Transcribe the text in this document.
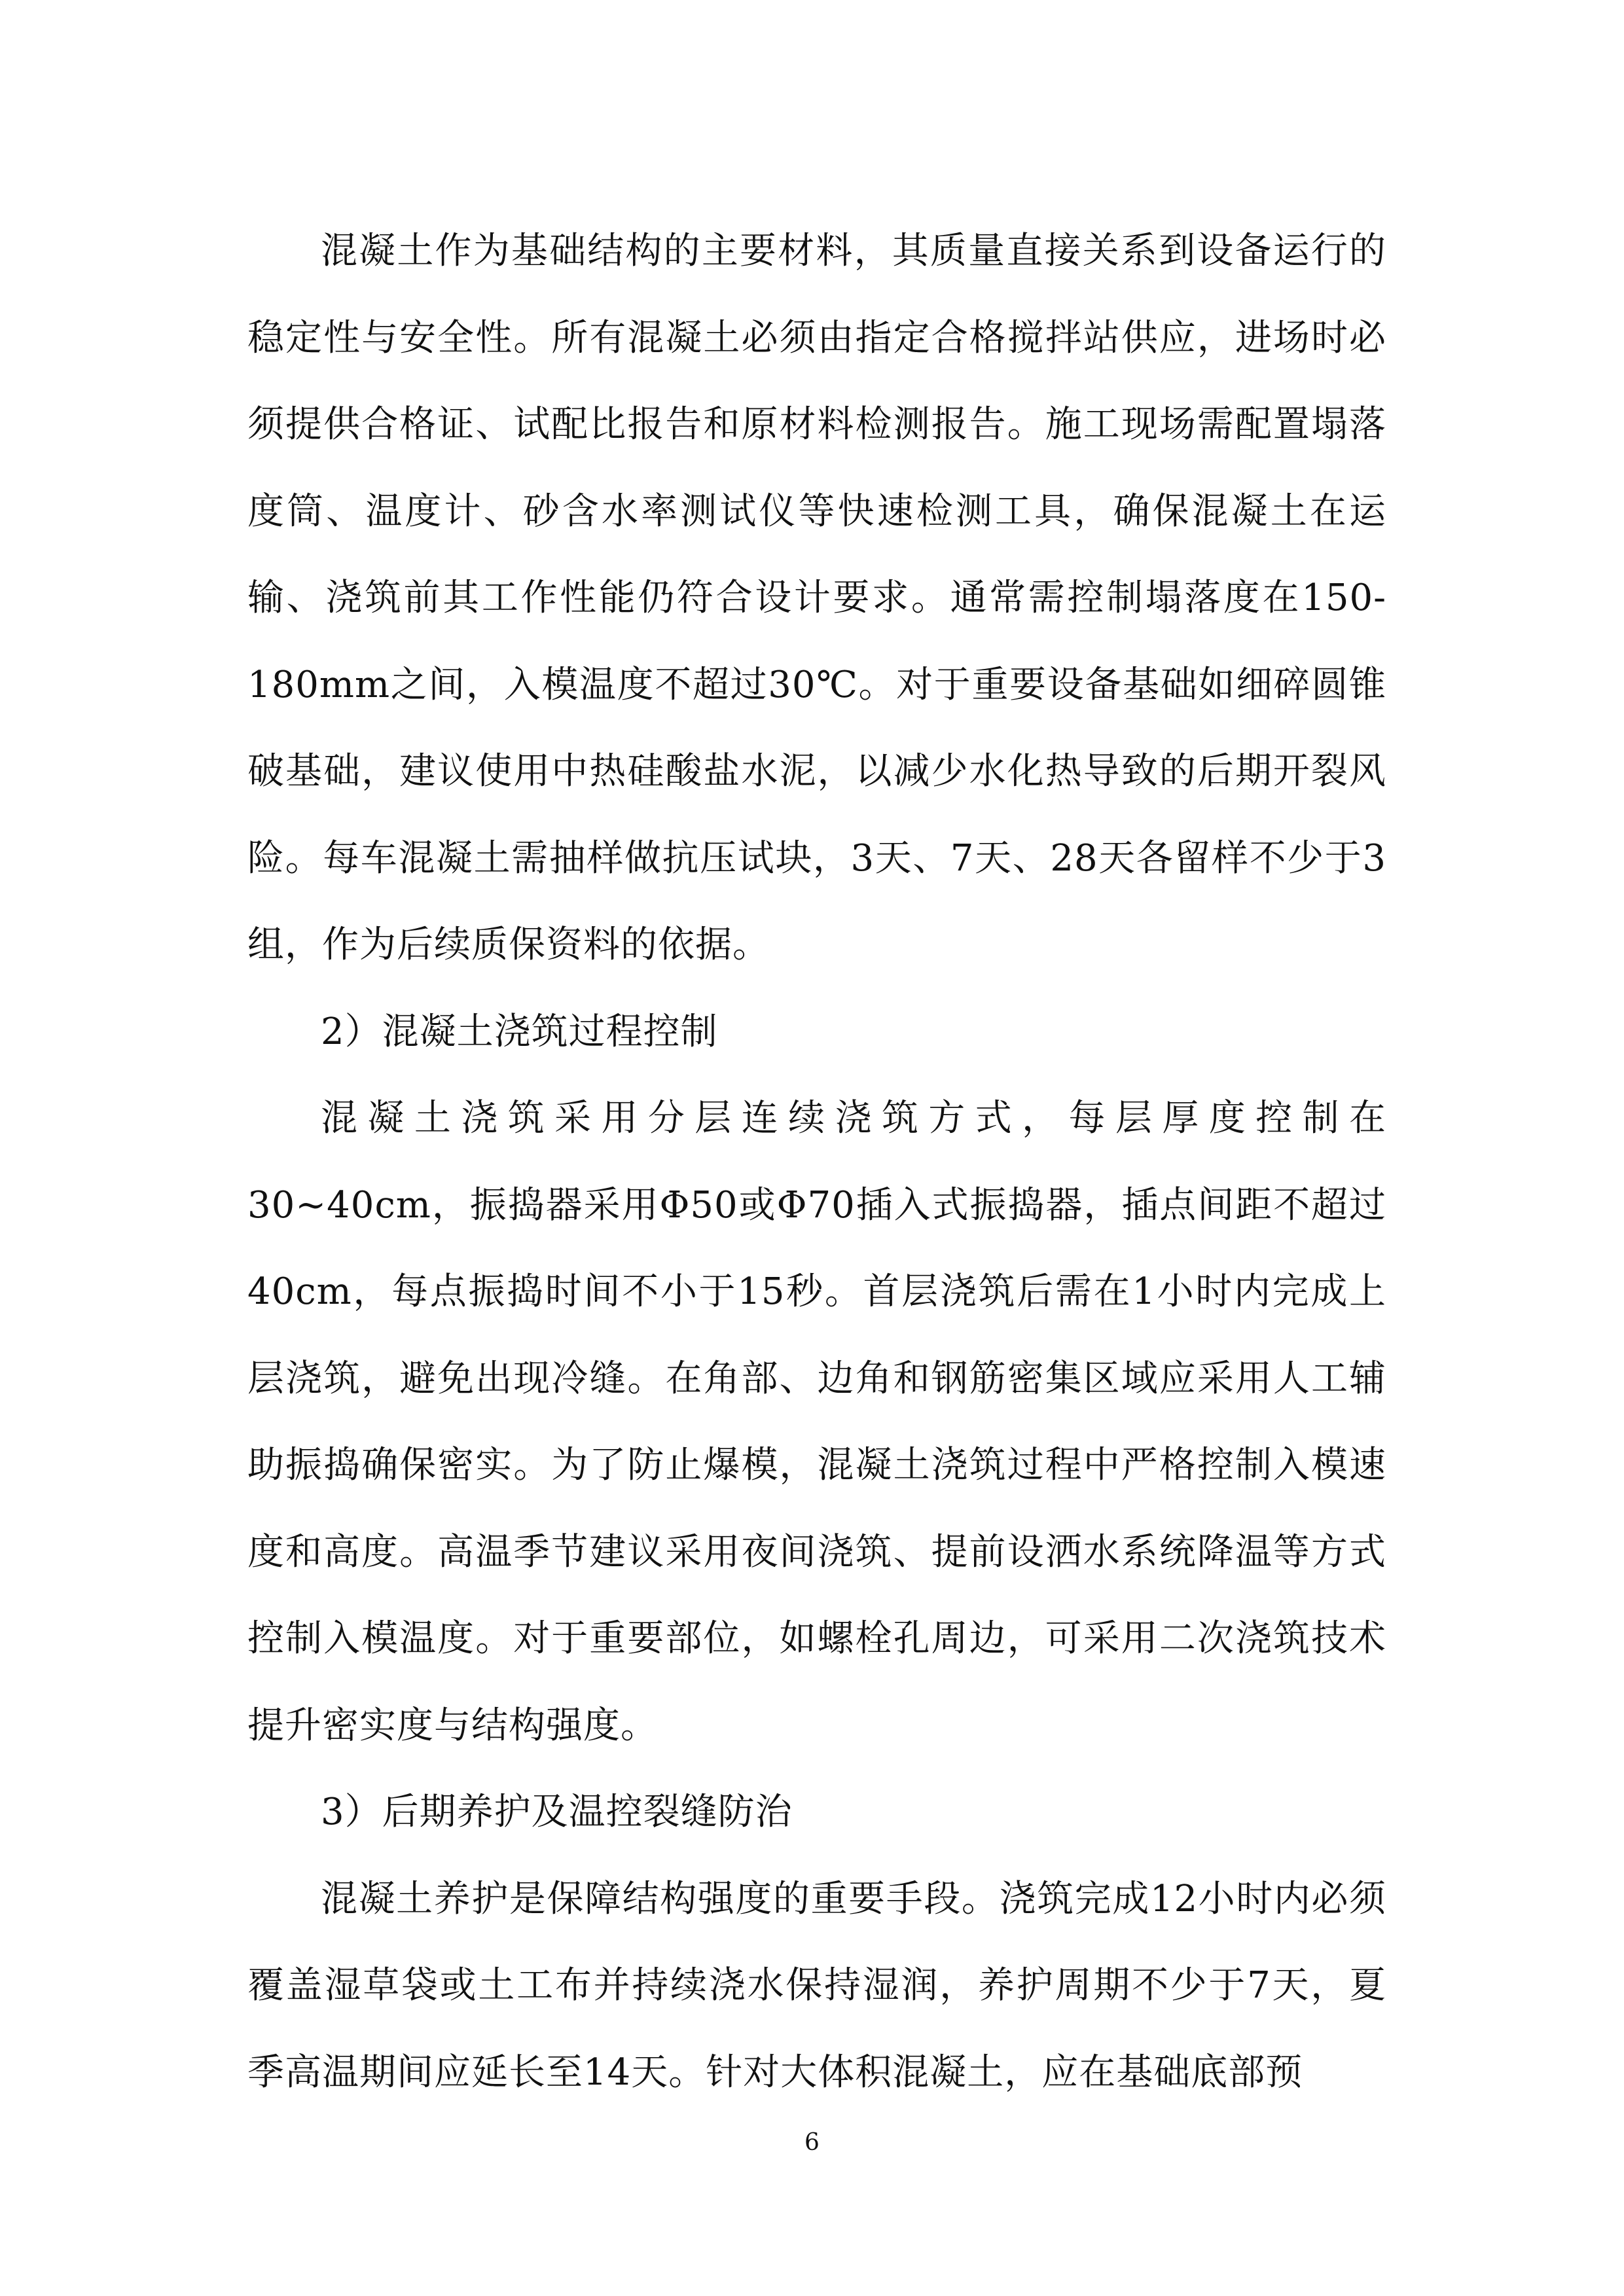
混凝土作为基础结构的主要材料，其质量直接关系到设备运行的稳定性与安全性。所有混凝土必须由指定合格搅拌站供应，进场时必须提供合格证、试配比报告和原材料检测报告。施工现场需配置塌落度筒、温度计、砂含水率测试仪等快速检测工具，确保混凝土在运输、浇筑前其工作性能仍符合设计要求。通常需控制塌落度在150-180mm之间，入模温度不超过30℃。对于重要设备基础如细碎圆锥破基础，建议使用中热硅酸盐水泥，以减少水化热导致的后期开裂风险。每车混凝土需抽样做抗压试块，3天、7天、28天各留样不少于3组，作为后续质保资料的依据。

2）混凝土浇筑过程控制

混凝土浇筑采用分层连续浇筑方式，每层厚度控制在30~40cm，振捣器采用Φ50或Φ70插入式振捣器，插点间距不超过40cm，每点振捣时间不小于15秒。首层浇筑后需在1小时内完成上层浇筑，避免出现冷缝。在角部、边角和钢筋密集区域应采用人工辅助振捣确保密实。为了防止爆模，混凝土浇筑过程中严格控制入模速度和高度。高温季节建议采用夜间浇筑、提前设洒水系统降温等方式控制入模温度。对于重要部位，如螺栓孔周边，可采用二次浇筑技术提升密实度与结构强度。

3）后期养护及温控裂缝防治

混凝土养护是保障结构强度的重要手段。浇筑完成12小时内必须覆盖湿草袋或土工布并持续浇水保持湿润，养护周期不少于7天，夏季高温期间应延长至14天。针对大体积混凝土，应在基础底部预

6
